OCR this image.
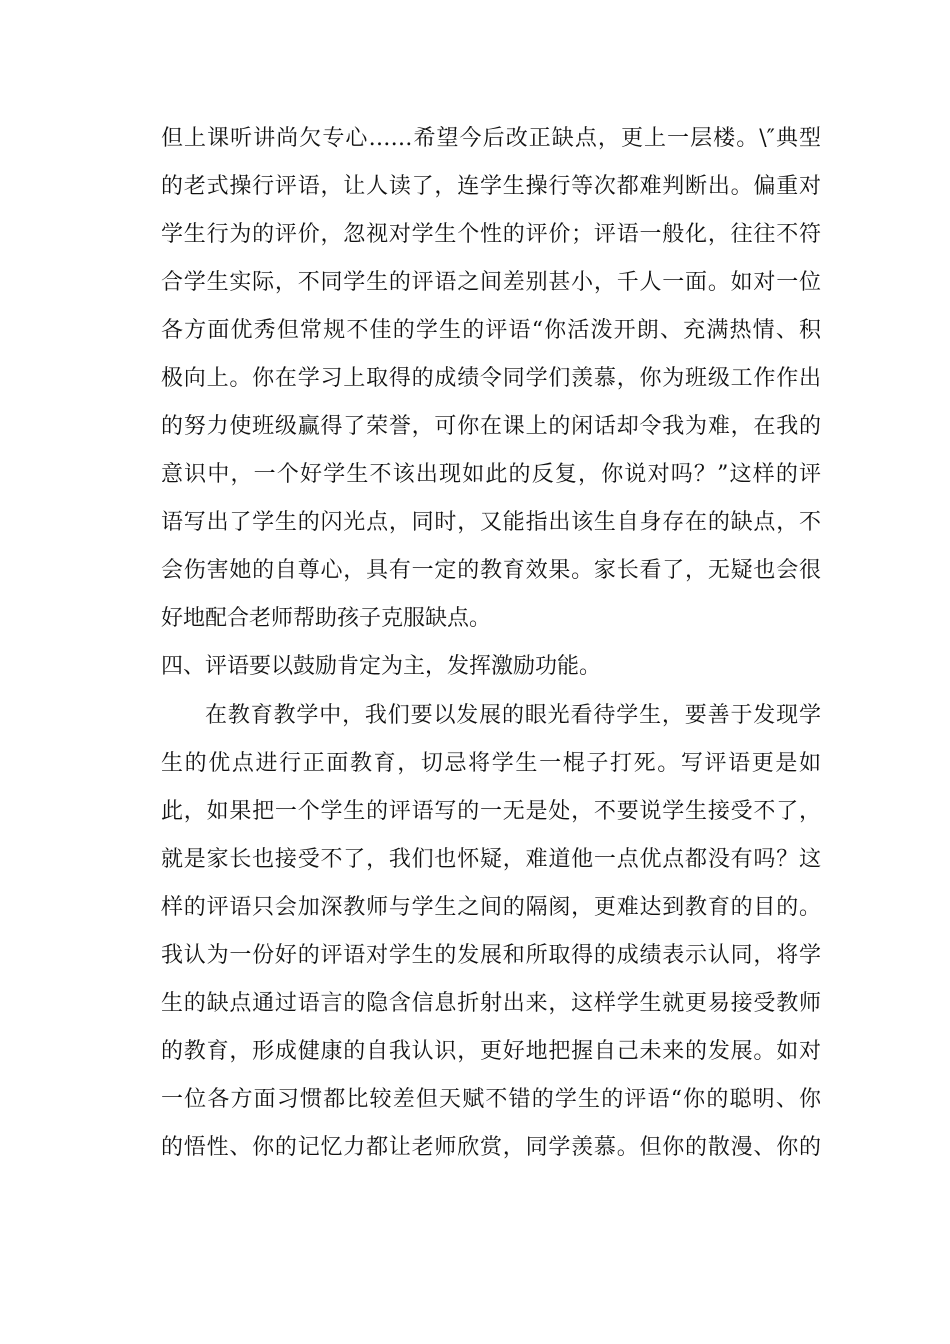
但上课听讲尚欠专心……希望今后改正缺点，更上一层楼。\″典型
的老式操行评语，让人读了，连学生操行等次都难判断出。偏重对
学生行为的评价，忽视对学生个性的评价；评语一般化，往往不符
合学生实际，不同学生的评语之间差别甚小，千人一面。如对一位
各方面优秀但常规不佳的学生的评语“你活泼开朗、充满热情、积
极向上。你在学习上取得的成绩令同学们羡慕，你为班级工作作出
的努力使班级赢得了荣誉，可你在课上的闲话却令我为难，在我的
意识中，一个好学生不该出现如此的反复，你说对吗？”这样的评
语写出了学生的闪光点，同时，又能指出该生自身存在的缺点，不
会伤害她的自尊心，具有一定的教育效果。家长看了，无疑也会很
好地配合老师帮助孩子克服缺点。
四、评语要以鼓励肯定为主，发挥激励功能。
在教育教学中，我们要以发展的眼光看待学生，要善于发现学
生的优点进行正面教育，切忌将学生一棍子打死。写评语更是如
此，如果把一个学生的评语写的一无是处，不要说学生接受不了，
就是家长也接受不了，我们也怀疑，难道他一点优点都没有吗？这
样的评语只会加深教师与学生之间的隔阂，更难达到教育的目的。
我认为一份好的评语对学生的发展和所取得的成绩表示认同，将学
生的缺点通过语言的隐含信息折射出来，这样学生就更易接受教师
的教育，形成健康的自我认识，更好地把握自己未来的发展。如对
一位各方面习惯都比较差但天赋不错的学生的评语“你的聪明、你
的悟性、你的记忆力都让老师欣赏，同学羡慕。但你的散漫、你的
